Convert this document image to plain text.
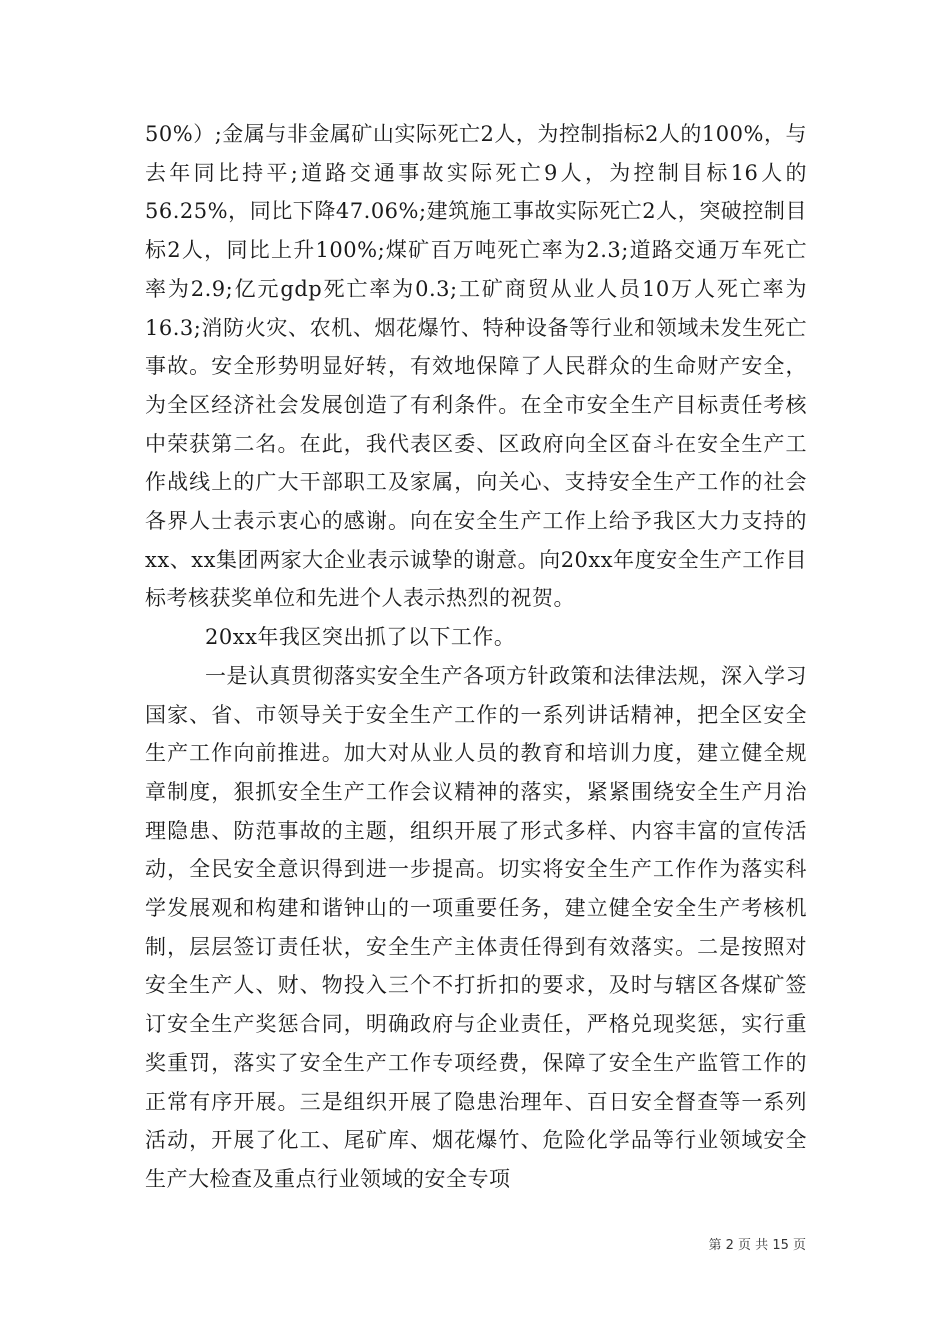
50%）;金属与非金属矿山实际死亡2人，为控制指标2人的100%，与去年同比持平;道路交通事故实际死亡9人，为控制目标16人的56.25%，同比下降47.06%;建筑施工事故实际死亡2人，突破控制目标2人，同比上升100%;煤矿百万吨死亡率为2.3;道路交通万车死亡率为2.9;亿元gdp死亡率为0.3;工矿商贸从业人员10万人死亡率为16.3;消防火灾、农机、烟花爆竹、特种设备等行业和领域未发生死亡事故。安全形势明显好转，有效地保障了人民群众的生命财产安全，为全区经济社会发展创造了有利条件。在全市安全生产目标责任考核中荣获第二名。在此，我代表区委、区政府向全区奋斗在安全生产工作战线上的广大干部职工及家属，向关心、支持安全生产工作的社会各界人士表示衷心的感谢。向在安全生产工作上给予我区大力支持的xx、xx集团两家大企业表示诚挚的谢意。向20xx年度安全生产工作目标考核获奖单位和先进个人表示热烈的祝贺。

20xx年我区突出抓了以下工作。

一是认真贯彻落实安全生产各项方针政策和法律法规，深入学习国家、省、市领导关于安全生产工作的一系列讲话精神，把全区安全生产工作向前推进。加大对从业人员的教育和培训力度，建立健全规章制度，狠抓安全生产工作会议精神的落实，紧紧围绕安全生产月治理隐患、防范事故的主题，组织开展了形式多样、内容丰富的宣传活动，全民安全意识得到进一步提高。切实将安全生产工作作为落实科学发展观和构建和谐钟山的一项重要任务，建立健全安全生产考核机制，层层签订责任状，安全生产主体责任得到有效落实。二是按照对安全生产人、财、物投入三个不打折扣的要求，及时与辖区各煤矿签订安全生产奖惩合同，明确政府与企业责任，严格兑现奖惩，实行重奖重罚，落实了安全生产工作专项经费，保障了安全生产监管工作的正常有序开展。三是组织开展了隐患治理年、百日安全督查等一系列活动，开展了化工、尾矿库、烟花爆竹、危险化学品等行业领域安全生产大检查及重点行业领域的安全专项

第 2 页 共 15 页
